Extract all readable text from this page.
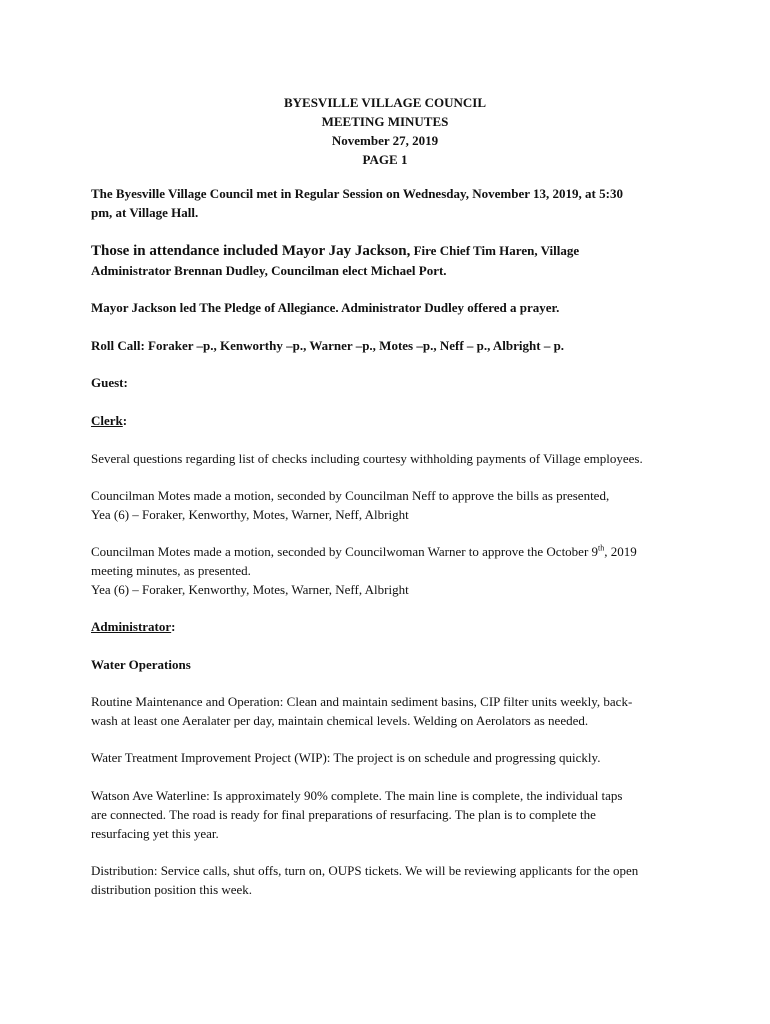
BYESVILLE VILLAGE COUNCIL
MEETING MINUTES
November 27, 2019
PAGE 1
The Byesville Village Council met in Regular Session on Wednesday, November 13, 2019, at 5:30
pm, at Village Hall.
Those in attendance included Mayor Jay Jackson, Fire Chief Tim Haren, Village
Administrator Brennan Dudley, Councilman elect Michael Port.
Mayor Jackson led The Pledge of Allegiance. Administrator Dudley offered a prayer.
Roll Call: Foraker –p., Kenworthy –p., Warner –p., Motes –p., Neff – p., Albright – p.
Guest:
Clerk:
Several questions regarding list of checks including courtesy withholding payments of Village employees.
Councilman Motes made a motion, seconded by Councilman Neff to approve the bills as presented,
Yea (6) – Foraker, Kenworthy, Motes, Warner, Neff, Albright
Councilman Motes made a motion, seconded by Councilwoman Warner to approve the October 9th, 2019
meeting minutes, as presented.
Yea (6) – Foraker, Kenworthy, Motes, Warner, Neff, Albright
Administrator:
Water Operations
Routine Maintenance and Operation: Clean and maintain sediment basins, CIP filter units weekly, back-
wash at least one Aeralater per day, maintain chemical levels. Welding on Aerolators as needed.
Water Treatment Improvement Project (WIP): The project is on schedule and progressing quickly.
Watson Ave Waterline: Is approximately 90% complete. The main line is complete, the individual taps
are connected. The road is ready for final preparations of resurfacing. The plan is to complete the
resurfacing yet this year.
Distribution: Service calls, shut offs, turn on, OUPS tickets. We will be reviewing applicants for the open
distribution position this week.
